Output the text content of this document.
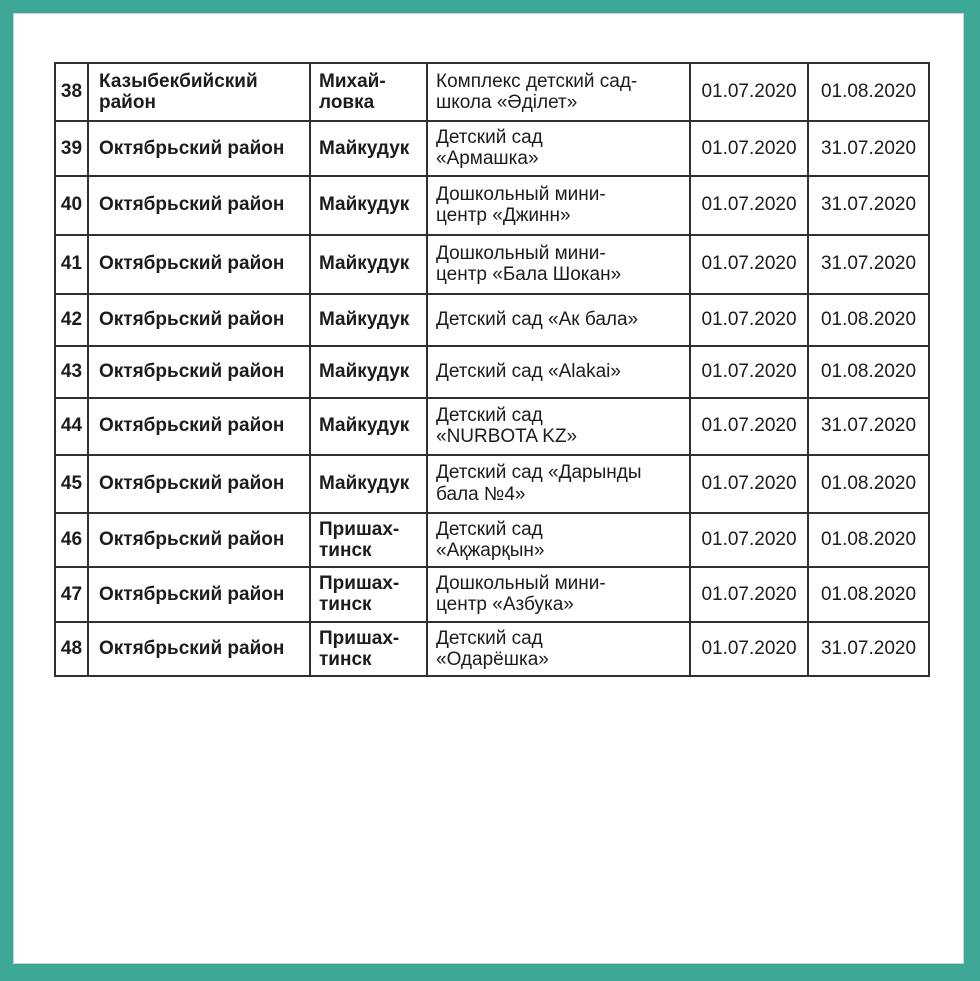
38	Казыбекбийский район	Михай-ловка	Комплекс детский сад-школа «Әділет»	01.07.2020	01.08.2020
39	Октябрьский район	Майкудук	Детский сад «Армашка»	01.07.2020	31.07.2020
40	Октябрьский район	Майкудук	Дошкольный мини-центр «Джинн»	01.07.2020	31.07.2020
41	Октябрьский район	Майкудук	Дошкольный мини-центр «Бала Шокан»	01.07.2020	31.07.2020
42	Октябрьский район	Майкудук	Детский сад «Ак бала»	01.07.2020	01.08.2020
43	Октябрьский район	Майкудук	Детский сад «Alakai»	01.07.2020	01.08.2020
44	Октябрьский район	Майкудук	Детский сад «NURBOTA KZ»	01.07.2020	31.07.2020
45	Октябрьский район	Майкудук	Детский сад «Дарынды бала №4»	01.07.2020	01.08.2020
46	Октябрьский район	Пришах-тинск	Детский сад «Ақжарқын»	01.07.2020	01.08.2020
47	Октябрьский район	Пришах-тинск	Дошкольный мини-центр «Азбука»	01.07.2020	01.08.2020
48	Октябрьский район	Пришах-тинск	Детский сад «Одарёшка»	01.07.2020	31.07.2020
